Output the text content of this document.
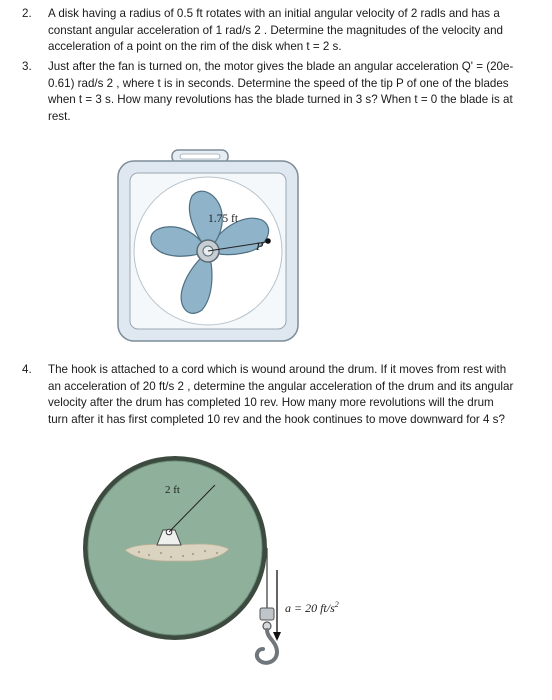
2.	A disk having a radius of 0.5 ft rotates with an initial angular velocity of 2 radls and has a
constant angular acceleration of 1 rad/s 2 . Determine the magnitudes of the velocity and
acceleration of a point on the rim of the disk when t = 2 s.
3.	Just after the fan is turned on, the motor gives the blade an angular acceleration Q' = (20e-
0.61) rad/s 2 , where t is in seconds. Determine the speed of the tip P of one of the blades
when t = 3 s. How many revolutions has the blade turned in 3 s? When t = 0 the blade is at
rest.
1.75 ft
P
4.	The hook is attached to a cord which is wound around the drum. If it moves from rest with
an acceleration of 20 ft/s 2 , determine the angular acceleration of the drum and its angular
velocity after the drum has completed 10 rev. How many more revolutions will the drum
turn after it has first completed 10 rev and the hook continues to move downward for 4 s?
2 ft
a = 20 $ft/s^2$
